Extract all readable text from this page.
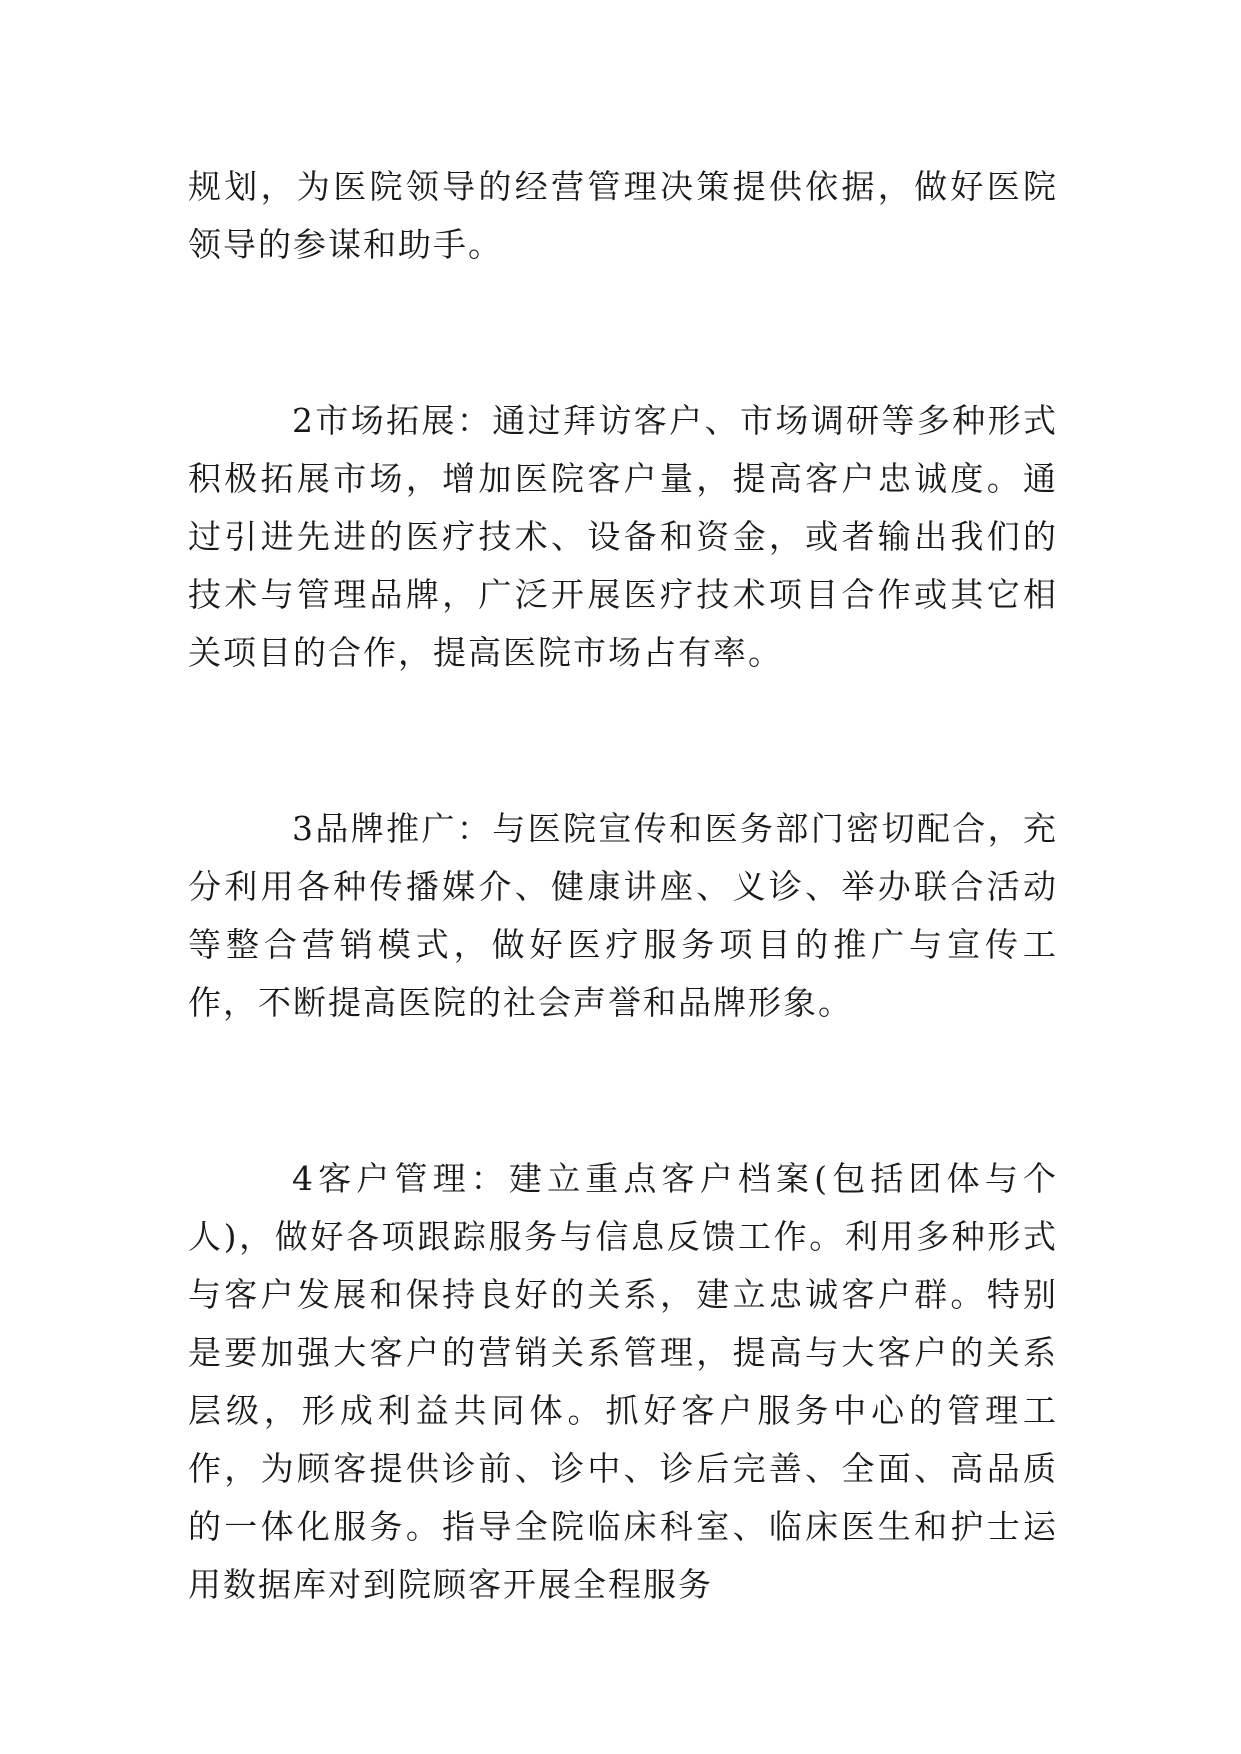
规划，为医院领导的经营管理决策提供依据，做好医院领导的参谋和助手。

2市场拓展：通过拜访客户、市场调研等多种形式积极拓展市场，增加医院客户量，提高客户忠诚度。通过引进先进的医疗技术、设备和资金，或者输出我们的技术与管理品牌，广泛开展医疗技术项目合作或其它相关项目的合作，提高医院市场占有率。

3品牌推广：与医院宣传和医务部门密切配合，充分利用各种传播媒介、健康讲座、义诊、举办联合活动等整合营销模式，做好医疗服务项目的推广与宣传工作，不断提高医院的社会声誉和品牌形象。

4客户管理：建立重点客户档案(包括团体与个人)，做好各项跟踪服务与信息反馈工作。利用多种形式与客户发展和保持良好的关系，建立忠诚客户群。特别是要加强大客户的营销关系管理，提高与大客户的关系层级，形成利益共同体。抓好客户服务中心的管理工作，为顾客提供诊前、诊中、诊后完善、全面、高品质的一体化服务。指导全院临床科室、临床医生和护士运用数据库对到院顾客开展全程服务
